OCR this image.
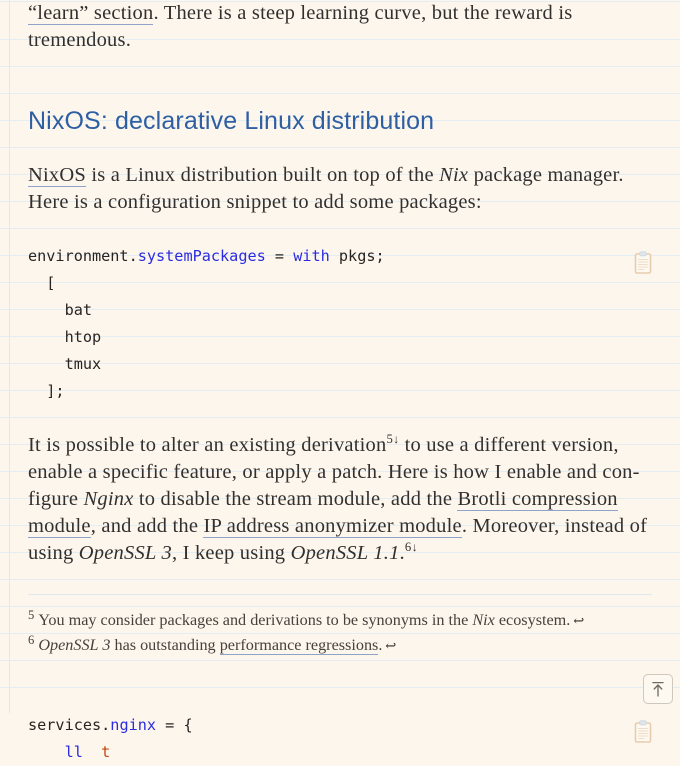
“learn” section. There is a steep learning curve, but the reward is tremendous.

NixOS: declarative Linux distribution

NixOS is a Linux distribution built on top of the Nix package manager. Here is a configuration snippet to add some packages:

environment.systemPackages = with pkgs;
[
bat
htop
tmux
];

It is possible to alter an existing derivation$^{5↓}$ to use a different version, enable a specific feature, or apply a patch. Here is how I enable and configure Nginx to disable the stream module, add the Brotli compression module, and add the IP address anonymizer module. Moreover, instead of using OpenSSL 3, I keep using OpenSSL 1.1.$^{6↓}$

$^5$ You may consider packages and derivations to be synonyms in the Nix ecosystem. ↩

$^6$ OpenSSL 3 has outstanding performance regressions. ↩

services.nginx = {
ll t
